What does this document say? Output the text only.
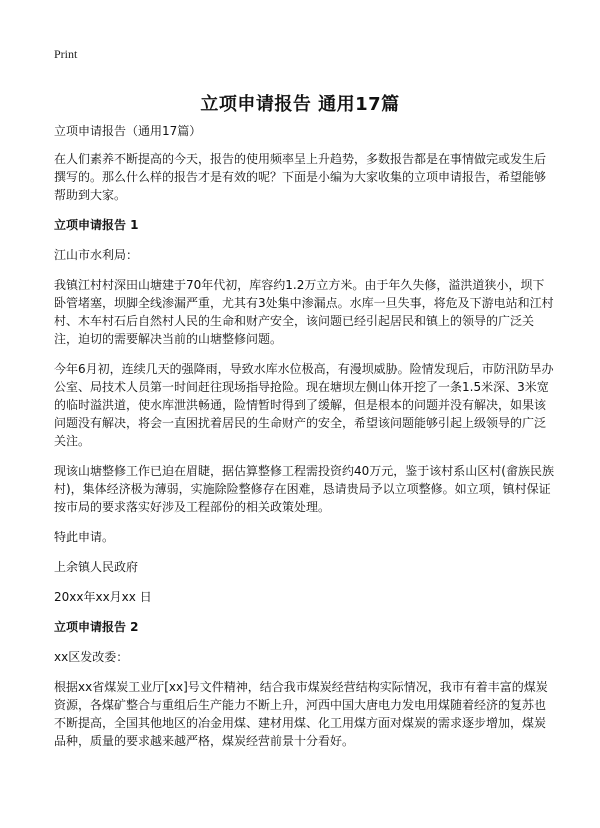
Print
立项申请报告 通用17篇

立项申请报告（通用17篇）

在人们素养不断提高的今天，报告的使用频率呈上升趋势，多数报告都是在事情做完或发生后撰写的。那么什么样的报告才是有效的呢？下面是小编为大家收集的立项申请报告，希望能够帮助到大家。

立项申请报告 1

江山市水利局：

我镇江村村深田山塘建于70年代初，库容约1.2万立方米。由于年久失修，溢洪道狭小，坝下卧管堵塞，坝脚全线渗漏严重，尤其有3处集中渗漏点。水库一旦失事，将危及下游电站和江村村、木车村石后自然村人民的生命和财产安全，该问题已经引起居民和镇上的领导的广泛关注，迫切的需要解决当前的山塘整修问题。

今年6月初，连续几天的强降雨，导致水库水位极高，有漫坝威胁。险情发现后，市防汛防旱办公室、局技术人员第一时间赶往现场指导抢险。现在塘坝左侧山体开挖了一条1.5米深、3米宽的临时溢洪道，使水库泄洪畅通，险情暂时得到了缓解，但是根本的问题并没有解决，如果该问题没有解决，将会一直困扰着居民的生命财产的安全，希望该问题能够引起上级领导的广泛关注。

现该山塘整修工作已迫在眉睫，据估算整修工程需投资约40万元，鉴于该村系山区村(畲族民族村)，集体经济极为薄弱，实施除险整修存在困难，恳请贵局予以立项整修。如立项，镇村保证按市局的要求落实好涉及工程部份的相关政策处理。

特此申请。

上余镇人民政府

20xx年xx月xx 日

立项申请报告 2

xx区发改委：

根据xx省煤炭工业厅[xx]号文件精神，结合我市煤炭经营结构实际情况，我市有着丰富的煤炭资源，各煤矿整合与重组后生产能力不断上升，河西中国大唐电力发电用煤随着经济的复苏也不断提高，全国其他地区的冶金用煤、建材用煤、化工用煤方面对煤炭的需求逐步增加，煤炭品种，质量的要求越来越严格，煤炭经营前景十分看好。
